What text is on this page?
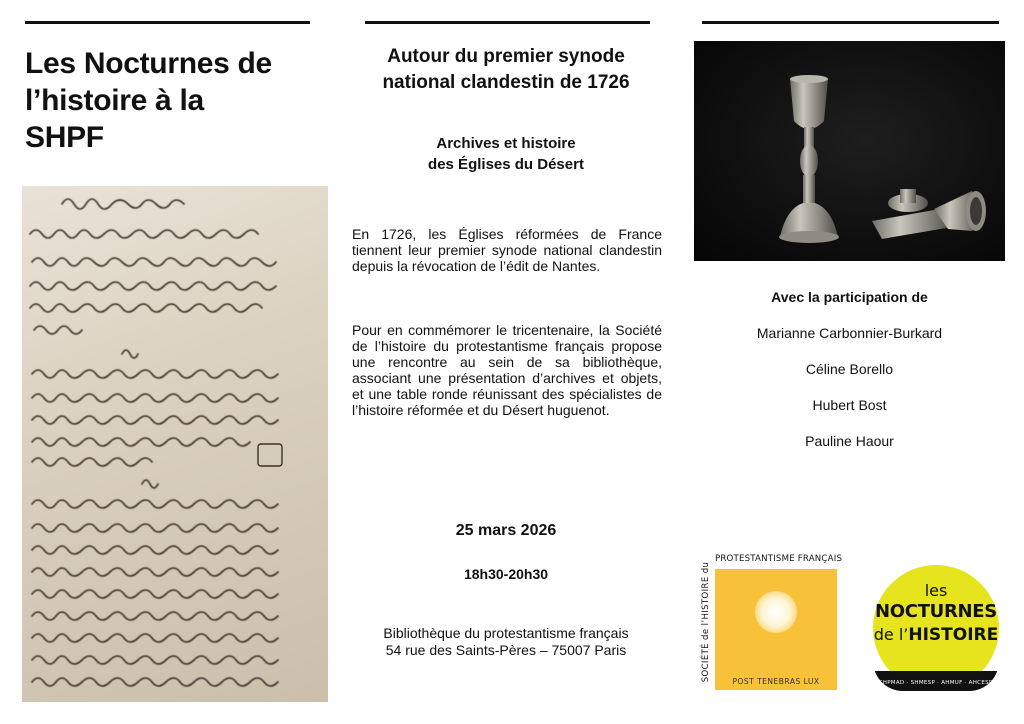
Les Nocturnes de
l’histoire à la
SHPF
Autour du premier synode
national clandestin de 1726
Archives et histoire
des Églises du Désert

En 1726, les Églises réformées de France tiennent leur premier synode national clandestin depuis la révocation de l’édit de Nantes.

Pour en commémorer le tricentenaire, la Société de l’histoire du protestantisme français propose une rencontre au sein de sa bibliothèque, associant une présentation d’archives et objets, et une table ronde réunissant des spécialistes de l’histoire réformée et du Désert huguenot.

25 mars 2026
18h30-20h30
Bibliothèque du protestantisme français
54 rue des Saints-Pères – 75007 Paris
Avec la participation de
Marianne Carbonnier-Burkard
Céline Borello
Hubert Bost
Pauline Haour
SOCIÉTÉ de l’HISTOIRE du
PROTESTANTISME FRANÇAIS
POST TENEBRAS LUX
les
NOCTURNES
de l’HISTOIRE
SHPMAD · SHMESP · AHMUF · AHCESR
